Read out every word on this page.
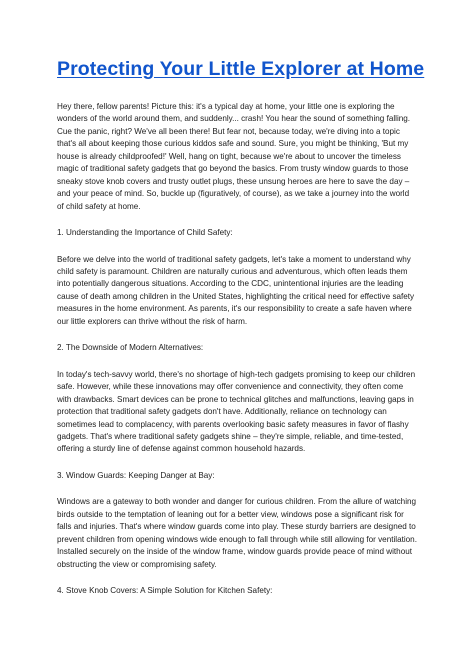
Protecting Your Little Explorer at Home

Hey there, fellow parents! Picture this: it's a typical day at home, your little one is exploring the wonders of the world around them, and suddenly... crash! You hear the sound of something falling. Cue the panic, right? We've all been there! But fear not, because today, we're diving into a topic that's all about keeping those curious kiddos safe and sound. Sure, you might be thinking, 'But my house is already childproofed!' Well, hang on tight, because we're about to uncover the timeless magic of traditional safety gadgets that go beyond the basics. From trusty window guards to those sneaky stove knob covers and trusty outlet plugs, these unsung heroes are here to save the day – and your peace of mind. So, buckle up (figuratively, of course), as we take a journey into the world of child safety at home.

1. Understanding the Importance of Child Safety:

Before we delve into the world of traditional safety gadgets, let's take a moment to understand why child safety is paramount. Children are naturally curious and adventurous, which often leads them into potentially dangerous situations. According to the CDC, unintentional injuries are the leading cause of death among children in the United States, highlighting the critical need for effective safety measures in the home environment. As parents, it's our responsibility to create a safe haven where our little explorers can thrive without the risk of harm.

2. The Downside of Modern Alternatives:

In today's tech-savvy world, there's no shortage of high-tech gadgets promising to keep our children safe. However, while these innovations may offer convenience and connectivity, they often come with drawbacks. Smart devices can be prone to technical glitches and malfunctions, leaving gaps in protection that traditional safety gadgets don't have. Additionally, reliance on technology can sometimes lead to complacency, with parents overlooking basic safety measures in favor of flashy gadgets. That's where traditional safety gadgets shine – they're simple, reliable, and time-tested, offering a sturdy line of defense against common household hazards.

3. Window Guards: Keeping Danger at Bay:

Windows are a gateway to both wonder and danger for curious children. From the allure of watching birds outside to the temptation of leaning out for a better view, windows pose a significant risk for falls and injuries. That's where window guards come into play. These sturdy barriers are designed to prevent children from opening windows wide enough to fall through while still allowing for ventilation. Installed securely on the inside of the window frame, window guards provide peace of mind without obstructing the view or compromising safety.

4. Stove Knob Covers: A Simple Solution for Kitchen Safety:
